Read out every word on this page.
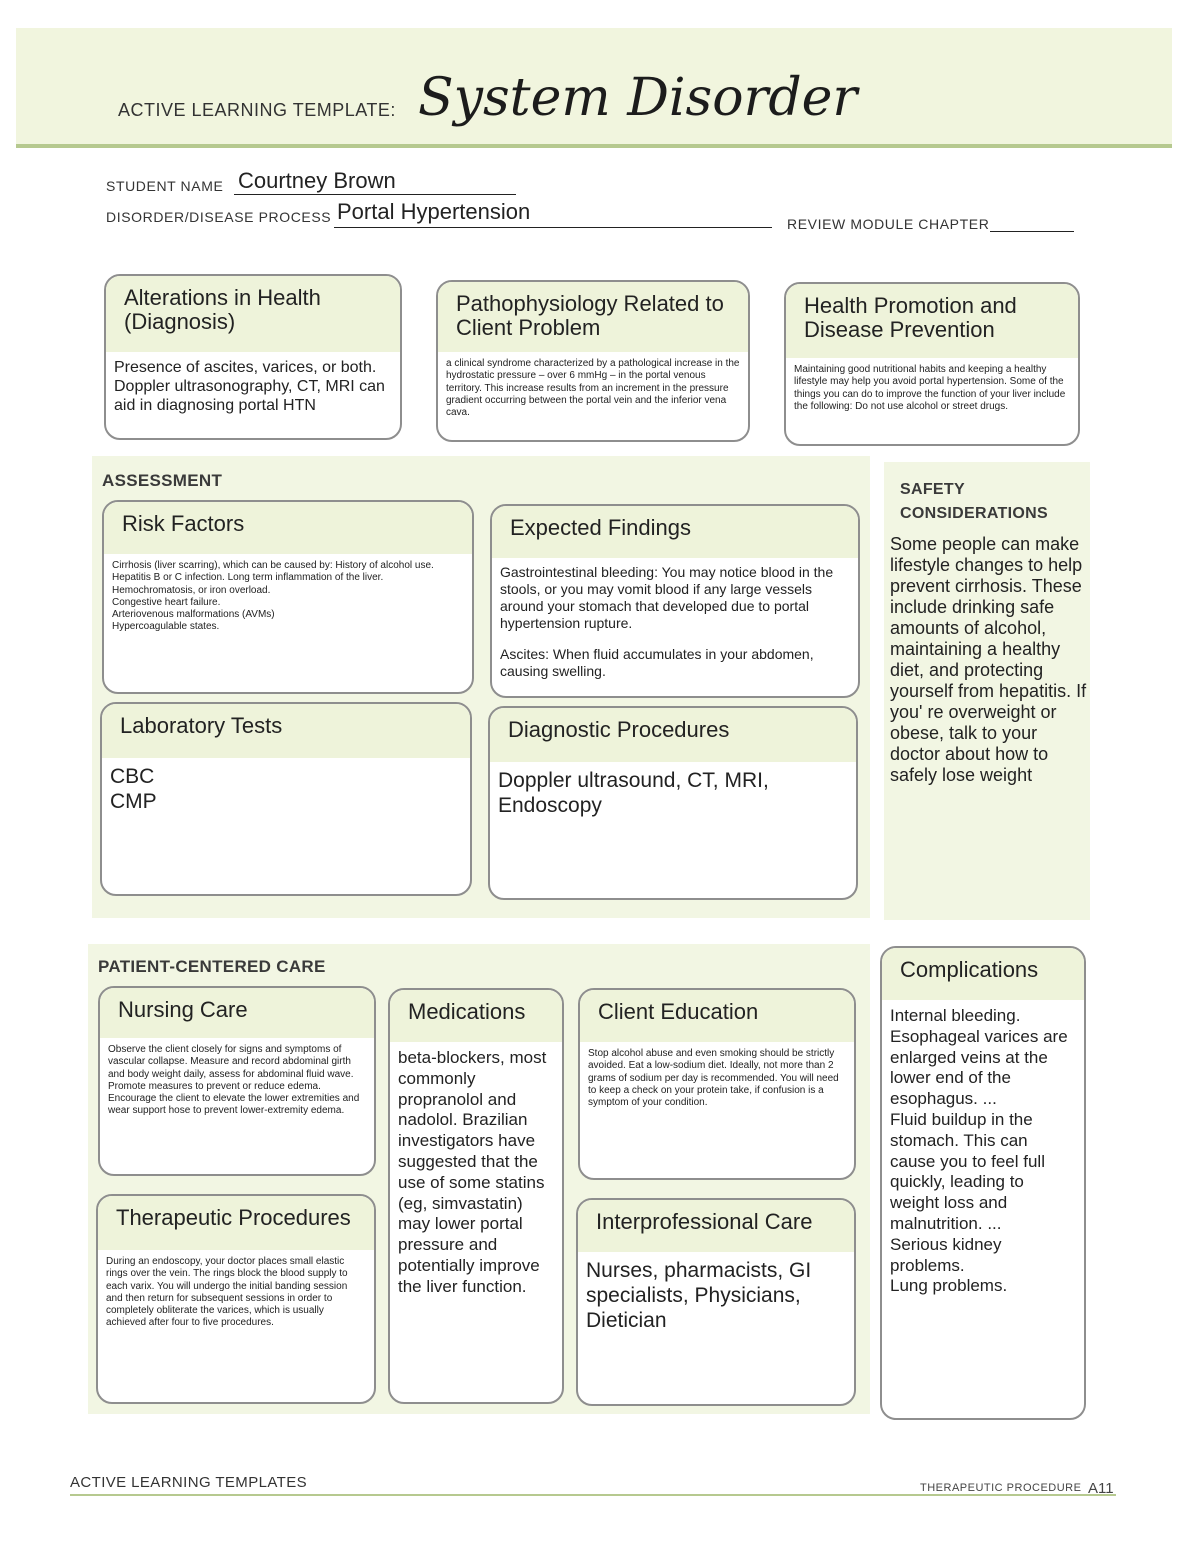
ACTIVE LEARNING TEMPLATE: System Disorder
STUDENT NAME Courtney Brown
DISORDER/DISEASE PROCESS Portal Hypertension	REVIEW MODULE CHAPTER
Alterations in Health (Diagnosis)
Presence of ascites, varices, or both. Doppler ultrasonography, CT, MRI can aid in diagnosing portal HTN
Pathophysiology Related to Client Problem
a clinical syndrome characterized by a pathological increase in the hydrostatic pressure – over 6 mmHg – in the portal venous territory. This increase results from an increment in the pressure gradient occurring between the portal vein and the inferior vena cava.
Health Promotion and Disease Prevention
Maintaining good nutritional habits and keeping a healthy lifestyle may help you avoid portal hypertension. Some of the things you can do to improve the function of your liver include the following: Do not use alcohol or street drugs.
ASSESSMENT
Risk Factors
Cirrhosis (liver scarring), which can be caused by: History of alcohol use. Hepatitis B or C infection. Long term inflammation of the liver. Hemochromatosis, or iron overload.
Congestive heart failure.
Arteriovenous malformations (AVMs)
Hypercoagulable states.
Expected Findings
Gastrointestinal bleeding: You may notice blood in the stools, or you may vomit blood if any large vessels around your stomach that developed due to portal hypertension rupture.
Ascites: When fluid accumulates in your abdomen, causing swelling.
Laboratory Tests
CBC
CMP
Diagnostic Procedures
Doppler ultrasound, CT, MRI, Endoscopy
SAFETY
CONSIDERATIONS
Some people can make lifestyle changes to help prevent cirrhosis. These include drinking safe amounts of alcohol, maintaining a healthy diet, and protecting yourself from hepatitis. If you' re overweight or obese, talk to your doctor about how to safely lose weight
PATIENT-CENTERED CARE
Nursing Care
Observe the client closely for signs and symptoms of vascular collapse. Measure and record abdominal girth and body weight daily, assess for abdominal fluid wave. Promote measures to prevent or reduce edema. Encourage the client to elevate the lower extremities and wear support hose to prevent lower-extremity edema.
Medications
beta-blockers, most commonly propranolol and nadolol. Brazilian investigators have suggested that the use of some statins (eg, simvastatin) may lower portal pressure and potentially improve the liver function.
Client Education
Stop alcohol abuse and even smoking should be strictly avoided. Eat a low-sodium diet. Ideally, not more than 2 grams of sodium per day is recommended. You will need to keep a check on your protein take, if confusion is a symptom of your condition.
Therapeutic Procedures
During an endoscopy, your doctor places small elastic rings over the vein. The rings block the blood supply to each varix. You will undergo the initial banding session and then return for subsequent sessions in order to completely obliterate the varices, which is usually achieved after four to five procedures.
Interprofessional Care
Nurses, pharmacists, GI specialists, Physicians, Dietician
Complications
Internal bleeding.
Esophageal varices are enlarged veins at the lower end of the esophagus. ...
Fluid buildup in the stomach. This can cause you to feel full quickly, leading to weight loss and malnutrition. ...
Serious kidney problems.
Lung problems.
ACTIVE LEARNING TEMPLATES	THERAPEUTIC PROCEDURE A11
